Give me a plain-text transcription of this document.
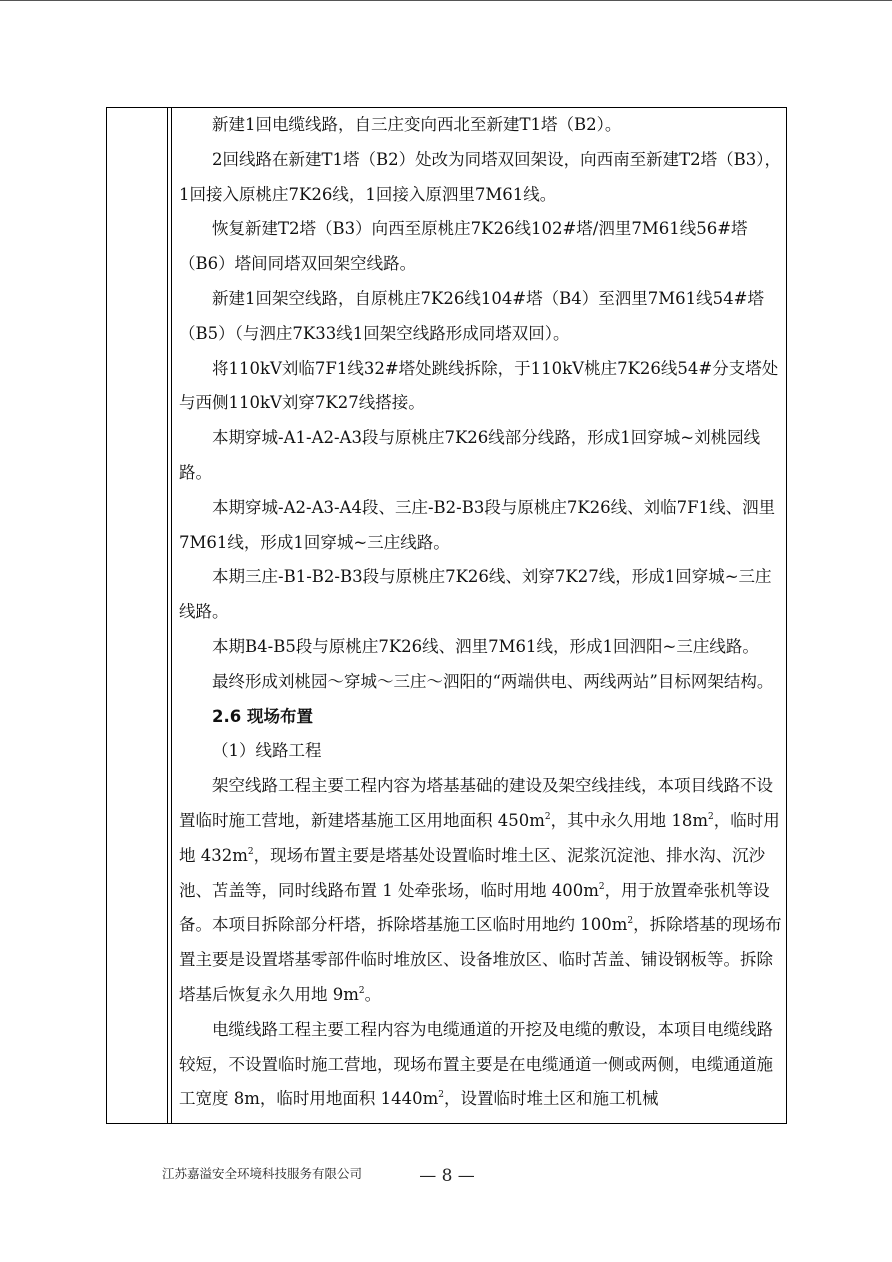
新建1回电缆线路，自三庄变向西北至新建T1塔（B2）。

2回线路在新建T1塔（B2）处改为同塔双回架设，向西南至新建T2塔（B3），1回接入原桃庄7K26线，1回接入原泗里7M61线。

恢复新建T2塔（B3）向西至原桃庄7K26线102#塔/泗里7M61线56#塔（B6）塔间同塔双回架空线路。

新建1回架空线路，自原桃庄7K26线104#塔（B4）至泗里7M61线54#塔（B5）（与泗庄7K33线1回架空线路形成同塔双回）。

将110kV刘临7F1线32#塔处跳线拆除，于110kV桃庄7K26线54#分支塔处与西侧110kV刘穿7K27线搭接。

本期穿城-A1-A2-A3段与原桃庄7K26线部分线路，形成1回穿城~刘桃园线路。

本期穿城-A2-A3-A4段、三庄-B2-B3段与原桃庄7K26线、刘临7F1线、泗里7M61线，形成1回穿城~三庄线路。

本期三庄-B1-B2-B3段与原桃庄7K26线、刘穿7K27线，形成1回穿城~三庄线路。

本期B4-B5段与原桃庄7K26线、泗里7M61线，形成1回泗阳~三庄线路。

最终形成刘桃园～穿城～三庄～泗阳的“两端供电、两线两站”目标网架结构。

2.6 现场布置

（1）线路工程

架空线路工程主要工程内容为塔基基础的建设及架空线挂线，本项目线路不设置临时施工营地，新建塔基施工区用地面积 $450m^2$，其中永久用地 $18m^2$，临时用地 $432m^2$，现场布置主要是塔基处设置临时堆土区、泥浆沉淀池、排水沟、沉沙池、苫盖等，同时线路布置 1 处牵张场，临时用地 $400m^2$，用于放置牵张机等设备。本项目拆除部分杆塔，拆除塔基施工区临时用地约 $100m^2$，拆除塔基的现场布置主要是设置塔基零部件临时堆放区、设备堆放区、临时苫盖、铺设钢板等。拆除塔基后恢复永久用地 $9m^2$。

电缆线路工程主要工程内容为电缆通道的开挖及电缆的敷设，本项目电缆线路较短，不设置临时施工营地，现场布置主要是在电缆通道一侧或两侧，电缆通道施工宽度 8m，临时用地面积 $1440m^2$，设置临时堆土区和施工机械

江苏嘉溢安全环境科技服务有限公司	— 8 —
